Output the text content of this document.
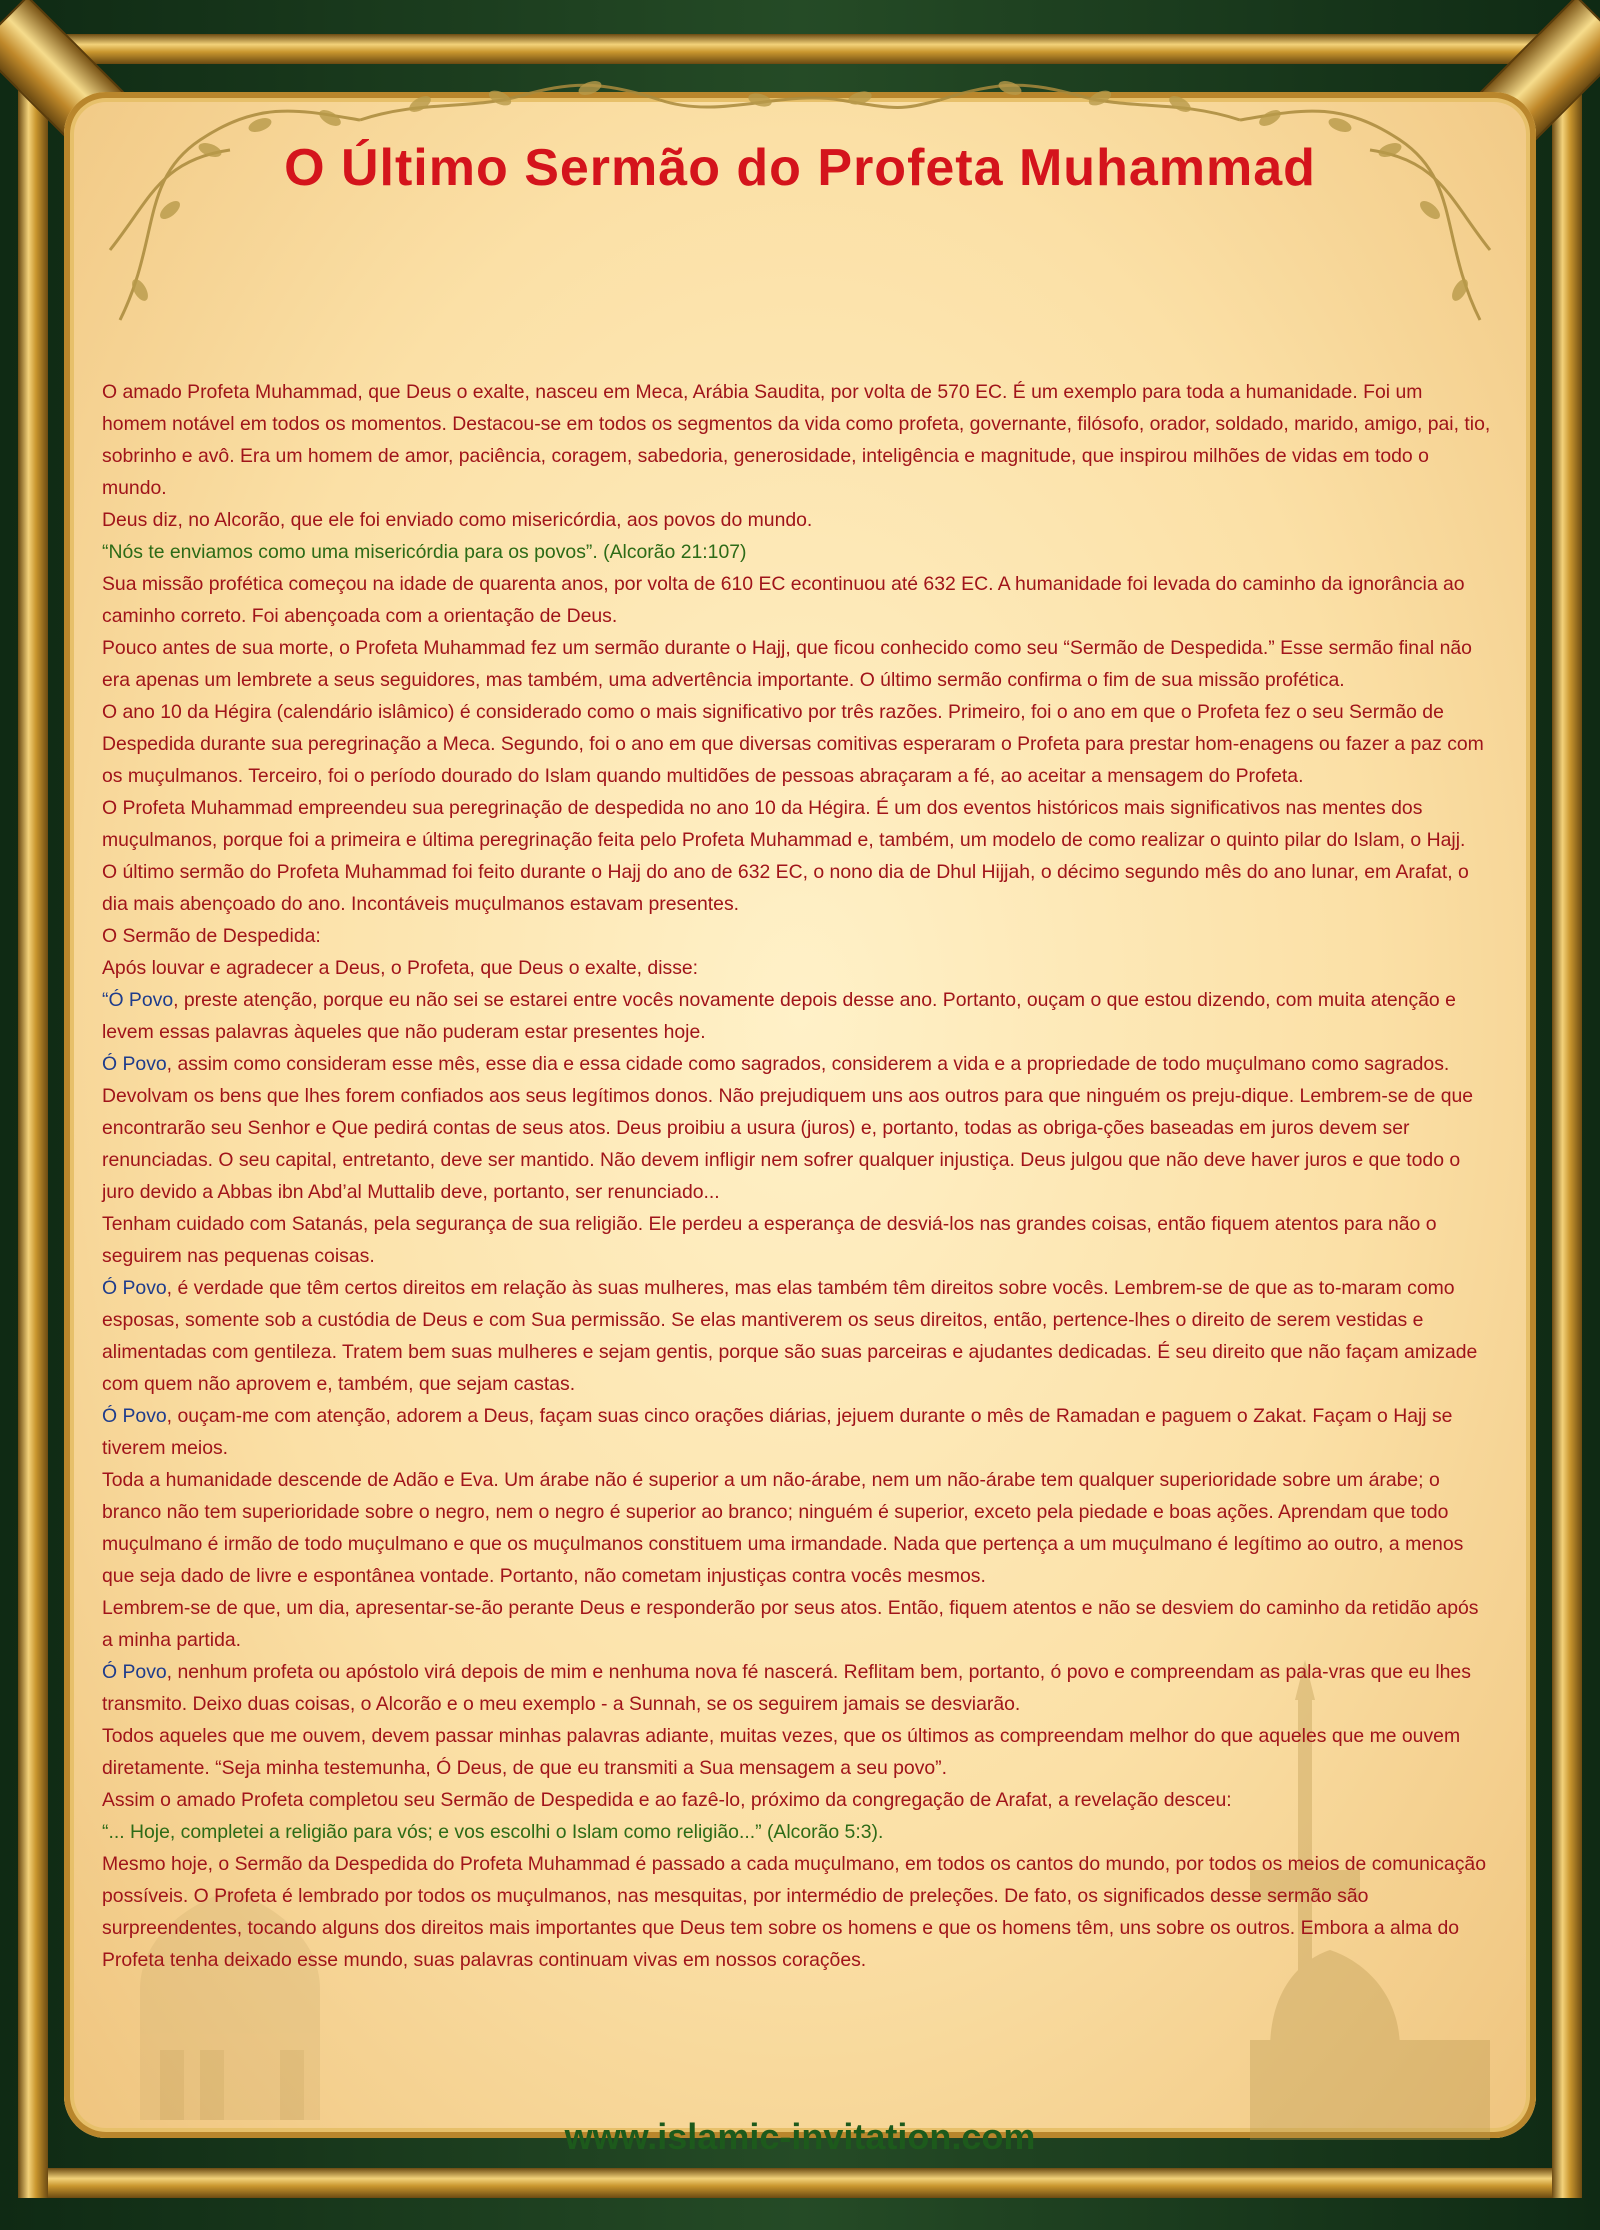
O Último Sermão do Profeta Muhammad

O amado Profeta Muhammad, que Deus o exalte, nasceu em Meca, Arábia Saudita, por volta de 570 EC. É um exemplo para toda a humanidade. Foi um homem notável em todos os momentos. Destacou-se em todos os segmentos da vida como profeta, governante, filósofo, orador, soldado, marido, amigo, pai, tio, sobrinho e avô. Era um homem de amor, paciência, coragem, sabedoria, generosidade, inteligência e magnitude, que inspirou milhões de vidas em todo o mundo.

Deus diz, no Alcorão, que ele foi enviado como misericórdia, aos povos do mundo.

“Nós te enviamos como uma misericórdia para os povos”. (Alcorão 21:107)

Sua missão profética começou na idade de quarenta anos, por volta de 610 EC econtinuou até 632 EC. A humanidade foi levada do caminho da ignorância ao caminho correto. Foi abençoada com a orientação de Deus.

Pouco antes de sua morte, o Profeta Muhammad fez um sermão durante o Hajj, que ficou conhecido como seu “Sermão de Despedida.” Esse sermão final não era apenas um lembrete a seus seguidores, mas também, uma advertência importante. O último sermão confirma o fim de sua missão profética.

O ano 10 da Hégira (calendário islâmico) é considerado como o mais significativo por três razões. Primeiro, foi o ano em que o Profeta fez o seu Sermão de Despedida durante sua peregrinação a Meca. Segundo, foi o ano em que diversas comitivas esperaram o Profeta para prestar hom-enagens ou fazer a paz com os muçulmanos. Terceiro, foi o período dourado do Islam quando multidões de pessoas abraçaram a fé, ao aceitar a mensagem do Profeta.

O Profeta Muhammad empreendeu sua peregrinação de despedida no ano 10 da Hégira. É um dos eventos históricos mais significativos nas mentes dos muçulmanos, porque foi a primeira e última peregrinação feita pelo Profeta Muhammad e, também, um modelo de como realizar o quinto pilar do Islam, o Hajj.

O último sermão do Profeta Muhammad foi feito durante o Hajj do ano de 632 EC, o nono dia de Dhul Hijjah, o décimo segundo mês do ano lunar, em Arafat, o dia mais abençoado do ano. Incontáveis muçulmanos estavam presentes.

O Sermão de Despedida:

Após louvar e agradecer a Deus, o Profeta, que Deus o exalte, disse:

“Ó Povo, preste atenção, porque eu não sei se estarei entre vocês novamente depois desse ano. Portanto, ouçam o que estou dizendo, com muita atenção e levem essas palavras àqueles que não puderam estar presentes hoje.

Ó Povo, assim como consideram esse mês, esse dia e essa cidade como sagrados, considerem a vida e a propriedade de todo muçulmano como sagrados. Devolvam os bens que lhes forem confiados aos seus legítimos donos. Não prejudiquem uns aos outros para que ninguém os preju-dique. Lembrem-se de que encontrarão seu Senhor e Que pedirá contas de seus atos. Deus proibiu a usura (juros) e, portanto, todas as obriga-ções baseadas em juros devem ser renunciadas. O seu capital, entretanto, deve ser mantido. Não devem infligir nem sofrer qualquer injustiça. Deus julgou que não deve haver juros e que todo o juro devido a Abbas ibn Abd’al Muttalib deve, portanto, ser renunciado...

Tenham cuidado com Satanás, pela segurança de sua religião. Ele perdeu a esperança de desviá-los nas grandes coisas, então fiquem atentos para não o seguirem nas pequenas coisas.

Ó Povo, é verdade que têm certos direitos em relação às suas mulheres, mas elas também têm direitos sobre vocês. Lembrem-se de que as to-maram como esposas, somente sob a custódia de Deus e com Sua permissão. Se elas mantiverem os seus direitos, então, pertence-lhes o direito de serem vestidas e alimentadas com gentileza. Tratem bem suas mulheres e sejam gentis, porque são suas parceiras e ajudantes dedicadas. É seu direito que não façam amizade com quem não aprovem e, também, que sejam castas.

Ó Povo, ouçam-me com atenção, adorem a Deus, façam suas cinco orações diárias, jejuem durante o mês de Ramadan e paguem o Zakat. Façam o Hajj se tiverem meios.

Toda a humanidade descende de Adão e Eva. Um árabe não é superior a um não-árabe, nem um não-árabe tem qualquer superioridade sobre um árabe; o branco não tem superioridade sobre o negro, nem o negro é superior ao branco; ninguém é superior, exceto pela piedade e boas ações. Aprendam que todo muçulmano é irmão de todo muçulmano e que os muçulmanos constituem uma irmandade. Nada que pertença a um muçulmano é legítimo ao outro, a menos que seja dado de livre e espontânea vontade. Portanto, não cometam injustiças contra vocês mesmos.

Lembrem-se de que, um dia, apresentar-se-ão perante Deus e responderão por seus atos. Então, fiquem atentos e não se desviem do caminho da retidão após a minha partida.

Ó Povo, nenhum profeta ou apóstolo virá depois de mim e nenhuma nova fé nascerá. Reflitam bem, portanto, ó povo e compreendam as pala-vras que eu lhes transmito. Deixo duas coisas, o Alcorão e o meu exemplo - a Sunnah, se os seguirem jamais se desviarão.

Todos aqueles que me ouvem, devem passar minhas palavras adiante, muitas vezes, que os últimos as compreendam melhor do que aqueles que me ouvem diretamente. “Seja minha testemunha, Ó Deus, de que eu transmiti a Sua mensagem a seu povo”.

Assim o amado Profeta completou seu Sermão de Despedida e ao fazê-lo, próximo da congregação de Arafat, a revelação desceu:

“... Hoje, completei a religião para vós; e vos escolhi o Islam como religião...” (Alcorão 5:3).

Mesmo hoje, o Sermão da Despedida do Profeta Muhammad é passado a cada muçulmano, em todos os cantos do mundo, por todos os meios de comunicação possíveis. O Profeta é lembrado por todos os muçulmanos, nas mesquitas, por intermédio de preleções. De fato, os significados desse sermão são surpreendentes, tocando alguns dos direitos mais importantes que Deus tem sobre os homens e que os homens têm, uns sobre os outros. Embora a alma do Profeta tenha deixado esse mundo, suas palavras continuam vivas em nossos corações.

www.islamic-invitation.com
